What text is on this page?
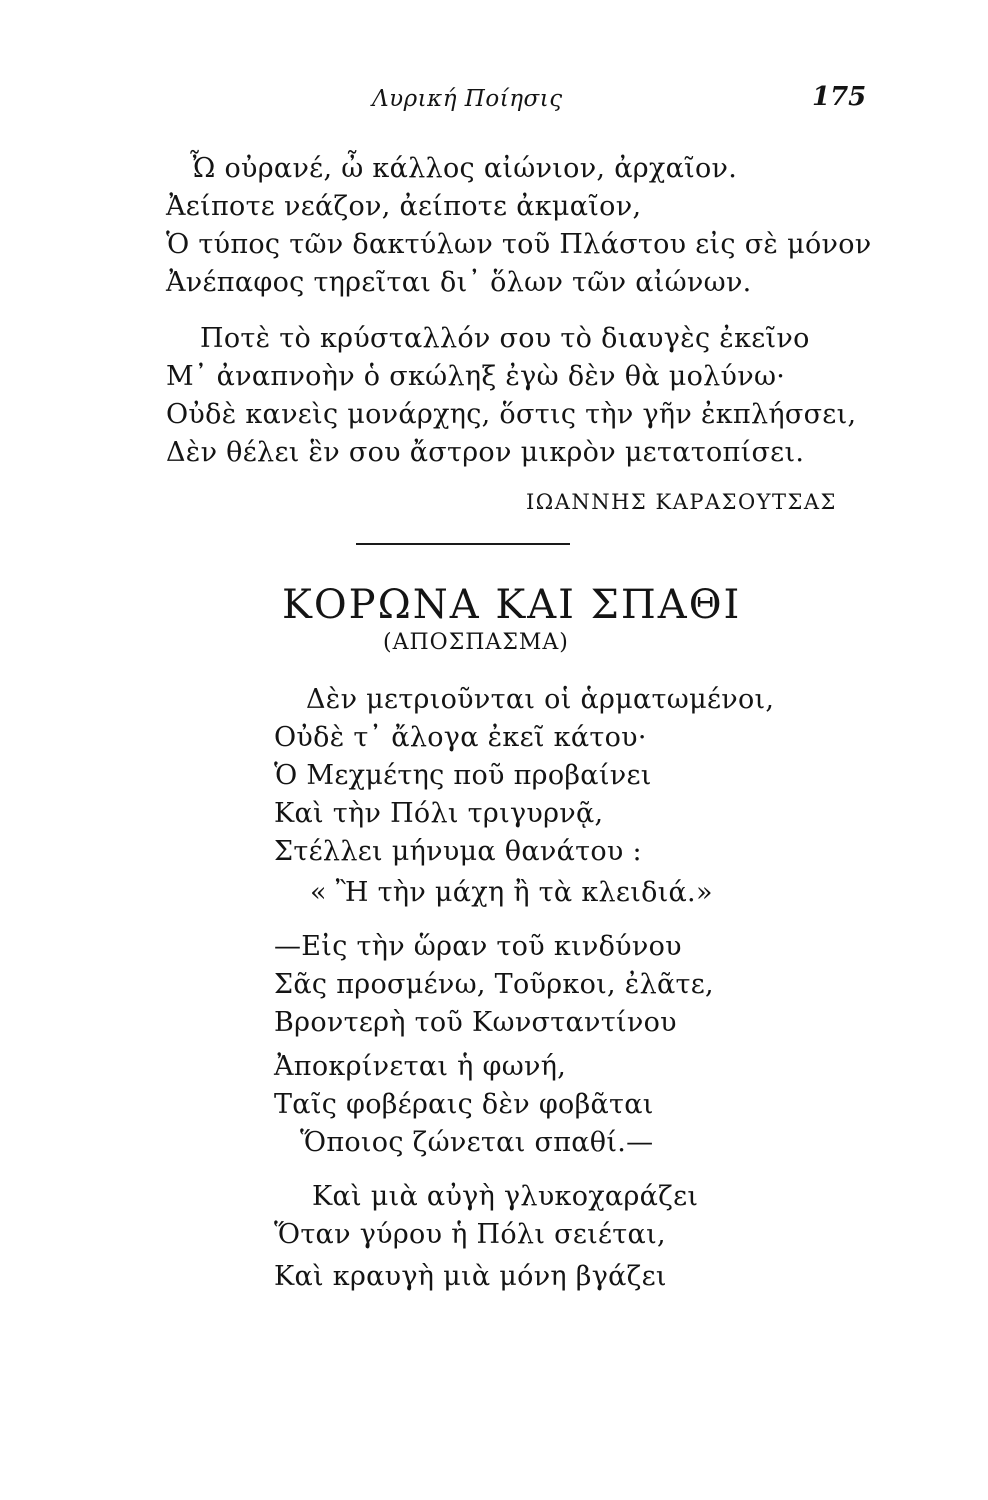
Λυρική Ποίησις	175
Ὦ οὐρανέ, ὦ κάλλος αἰώνιον, ἀρχαῖον.
Ἀείποτε νεάζον, ἀείποτε ἀκμαῖον,
Ὁ τύπος τῶν δακτύλων τοῦ Πλάστου εἰς σὲ μόνον
Ἀνέπαφος τηρεῖται δι᾿ ὅλων τῶν αἰώνων.
Ποτὲ τὸ κρύσταλλόν σου τὸ διαυγὲς ἐκεῖνο
Μ᾿ ἀναπνοὴν ὁ σκώληξ ἐγὼ δὲν θὰ μολύνω·
Οὐδὲ κανεὶς μονάρχης, ὅστις τὴν γῆν ἐκπλήσσει,
Δὲν θέλει ἓν σου ἄστρον μικρὸν μετατοπίσει.
ΙΩΑΝΝΗΣ ΚΑΡΑΣΟΥΤΣΑΣ
ΚΟΡΩΝΑ ΚΑΙ ΣΠΑΘΙ
(ΑΠΟΣΠΑΣΜΑ)
Δὲν μετριοῦνται οἱ ἁρματωμένοι,
Οὐδὲ τ᾿ ἄλογα ἐκεῖ κάτου·
Ὁ Μεχμέτης ποῦ προβαίνει
Καὶ τὴν Πόλι τριγυρνᾷ,
Στέλλει μήνυμα θανάτου :
« Ἢ τὴν μάχη ἢ τὰ κλειδιά.»
—Εἰς τὴν ὥραν τοῦ κινδύνου
Σᾶς προσμένω, Τοῦρκοι, ἐλᾶτε,
Βροντερὴ τοῦ Κωνσταντίνου
Ἀποκρίνεται ἡ φωνή,
Ταῖς φοβέραις δὲν φοβᾶται
Ὅποιος ζώνεται σπαθί.—
Καὶ μιὰ αὐγὴ γλυκοχαράζει
Ὅταν γύρου ἡ Πόλι σειέται,
Καὶ κραυγὴ μιὰ μόνη βγάζει
